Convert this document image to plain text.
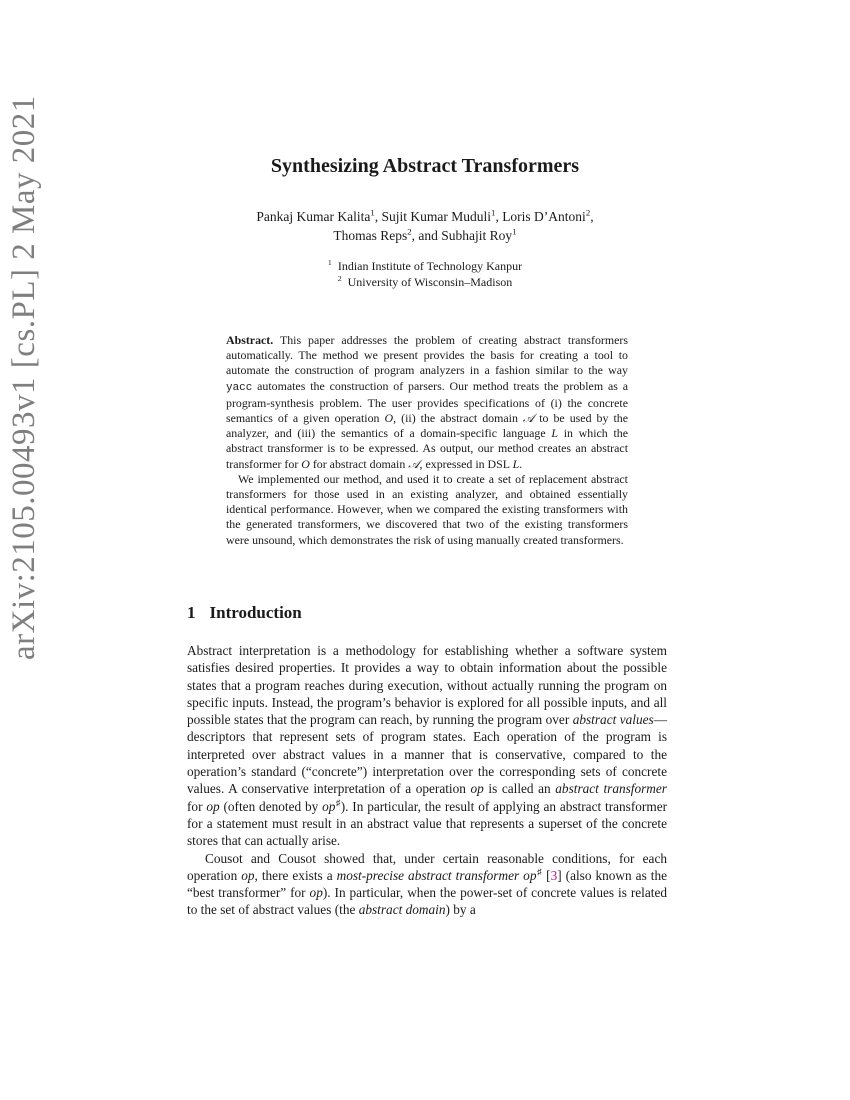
arXiv:2105.00493v1 [cs.PL] 2 May 2021	Synthesizing Abstract Transformers
Pankaj Kumar Kalita$^1$, Sujit Kumar Muduli$^1$, Loris D’Antoni$^2$,
Thomas Reps$^2$, and Subhajit Roy$^1$
$^1$ Indian Institute of Technology Kanpur
$^2$ University of Wisconsin–Madison

Abstract. This paper addresses the problem of creating abstract transformers automatically. The method we present provides the basis for creating a tool to automate the construction of program analyzers in a fashion similar to the way yacc automates the construction of parsers. Our method treats the problem as a program-synthesis problem. The user provides specifications of (i) the concrete semantics of a given operation O, (ii) the abstract domain 𝒜 to be used by the analyzer, and (iii) the semantics of a domain-specific language L in which the abstract transformer is to be expressed. As output, our method creates an abstract transformer for O for abstract domain 𝒜, expressed in DSL L.

We implemented our method, and used it to create a set of replacement abstract transformers for those used in an existing analyzer, and obtained essentially identical performance. However, when we compared the existing transformers with the generated transformers, we discovered that two of the existing transformers were unsound, which demonstrates the risk of using manually created transformers.

1 Introduction

Abstract interpretation is a methodology for establishing whether a software system satisfies desired properties. It provides a way to obtain information about the possible states that a program reaches during execution, without actually running the program on specific inputs. Instead, the program’s behavior is explored for all possible inputs, and all possible states that the program can reach, by running the program over abstract values—descriptors that represent sets of program states. Each operation of the program is interpreted over abstract values in a manner that is conservative, compared to the operation’s standard (“concrete”) interpretation over the corresponding sets of concrete values. A conservative interpretation of a operation op is called an abstract transformer for op (often denoted by op♯). In particular, the result of applying an abstract transformer for a statement must result in an abstract value that represents a superset of the concrete stores that can actually arise.

Cousot and Cousot showed that, under certain reasonable conditions, for each operation op, there exists a most-precise abstract transformer op♯ [3] (also known as the “best transformer” for op). In particular, when the power-set of concrete values is related to the set of abstract values (the abstract domain) by a
